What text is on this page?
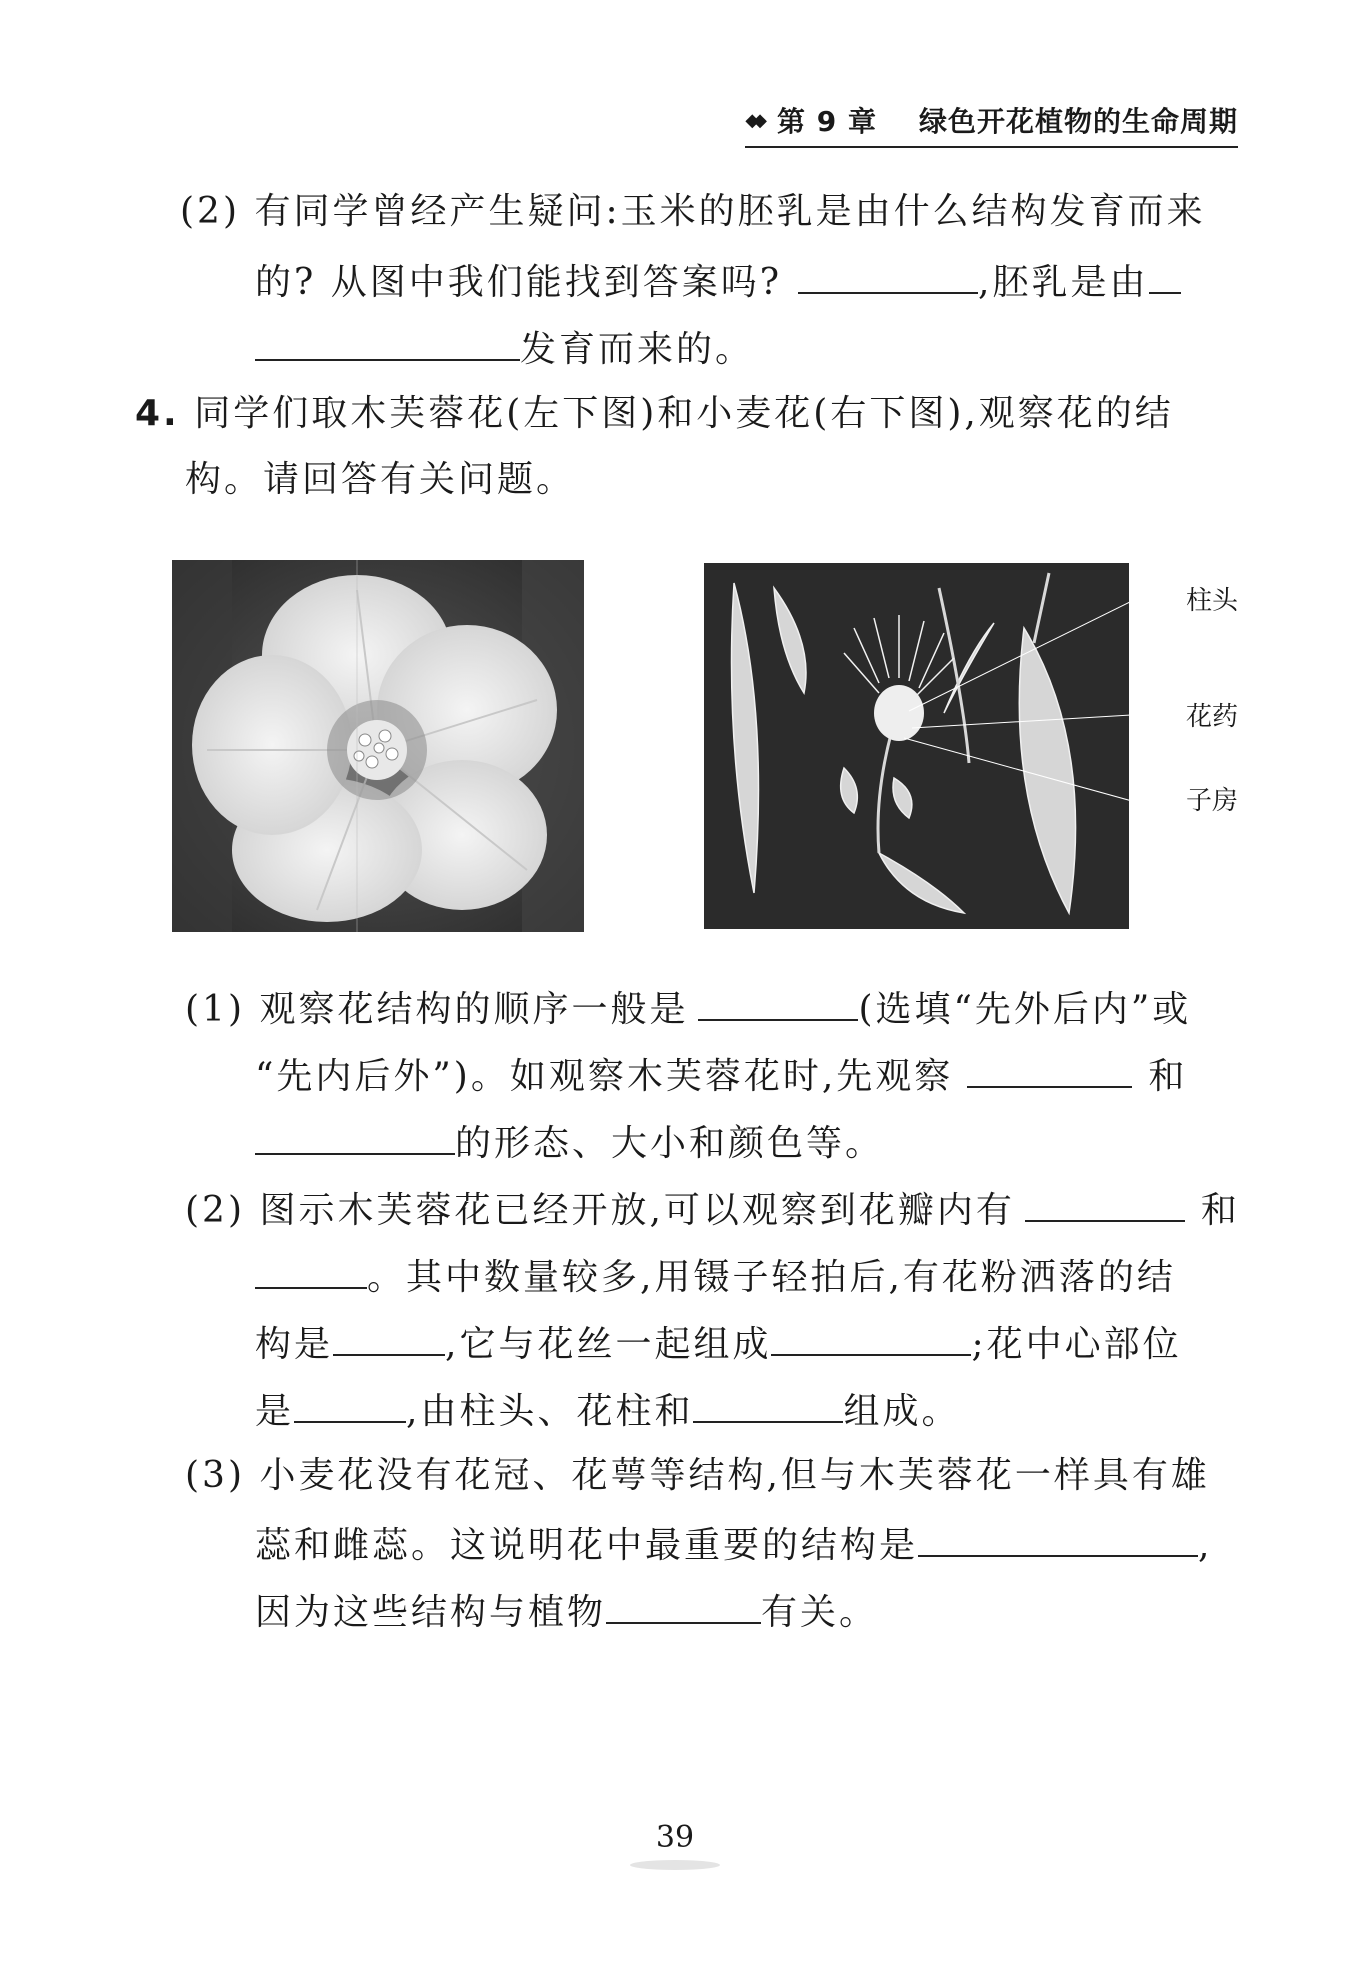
◆◆ 第 9 章 绿色开花植物的生命周期
(2) 有同学曾经产生疑问:玉米的胚乳是由什么结构发育而来
的? 从图中我们能找到答案吗?	,胚乳是由
发育而来的。
4. 同学们取木芙蓉花(左下图)和小麦花(右下图),观察花的结
构。请回答有关问题。
柱头
花药
子房
(1) 观察花结构的顺序一般是	(选填“先外后内”或
“先内后外”)。如观察木芙蓉花时,先观察	和
的形态、大小和颜色等。
(2) 图示木芙蓉花已经开放,可以观察到花瓣内有	和
。其中数量较多,用镊子轻拍后,有花粉洒落的结
构是	,它与花丝一起组成	;花中心部位
是	,由柱头、花柱和	组成。
(3) 小麦花没有花冠、花萼等结构,但与木芙蓉花一样具有雄
蕊和雌蕊。这说明花中最重要的结构是	,
因为这些结构与植物	有关。
39
